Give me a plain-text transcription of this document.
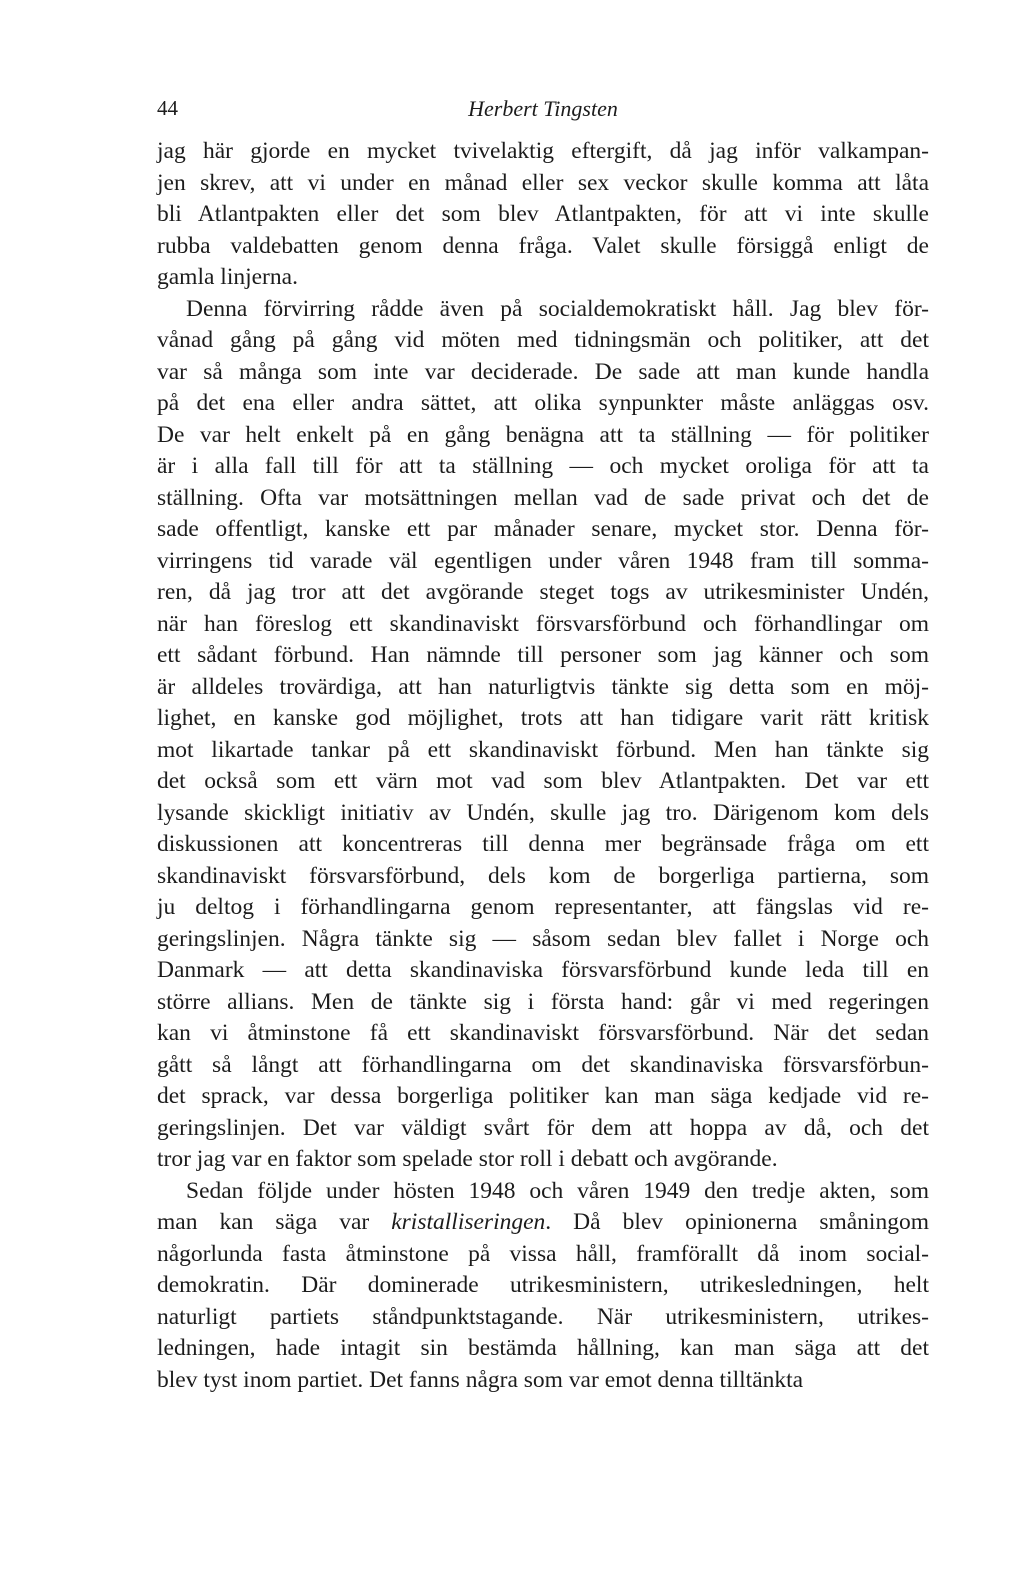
44	Herbert Tingsten

jag här gjorde en mycket tvivelaktig eftergift, då jag inför valkampan-
jen skrev, att vi under en månad eller sex veckor skulle komma att låta
bli Atlantpakten eller det som blev Atlantpakten, för att vi inte skulle
rubba valdebatten genom denna fråga. Valet skulle försiggå enligt de
gamla linjerna.

Denna förvirring rådde även på socialdemokratiskt håll. Jag blev för-
vånad gång på gång vid möten med tidningsmän och politiker, att det
var så många som inte var deciderade. De sade att man kunde handla
på det ena eller andra sättet, att olika synpunkter måste anläggas osv.
De var helt enkelt på en gång benägna att ta ställning — för politiker
är i alla fall till för att ta ställning — och mycket oroliga för att ta
ställning. Ofta var motsättningen mellan vad de sade privat och det de
sade offentligt, kanske ett par månader senare, mycket stor. Denna för-
virringens tid varade väl egentligen under våren 1948 fram till somma-
ren, då jag tror att det avgörande steget togs av utrikesminister Undén,
när han föreslog ett skandinaviskt försvarsförbund och förhandlingar om
ett sådant förbund. Han nämnde till personer som jag känner och som
är alldeles trovärdiga, att han naturligtvis tänkte sig detta som en möj-
lighet, en kanske god möjlighet, trots att han tidigare varit rätt kritisk
mot likartade tankar på ett skandinaviskt förbund. Men han tänkte sig
det också som ett värn mot vad som blev Atlantpakten. Det var ett
lysande skickligt initiativ av Undén, skulle jag tro. Därigenom kom dels
diskussionen att koncentreras till denna mer begränsade fråga om ett
skandinaviskt försvarsförbund, dels kom de borgerliga partierna, som
ju deltog i förhandlingarna genom representanter, att fängslas vid re-
geringslinjen. Några tänkte sig — såsom sedan blev fallet i Norge och
Danmark — att detta skandinaviska försvarsförbund kunde leda till en
större allians. Men de tänkte sig i första hand: går vi med regeringen
kan vi åtminstone få ett skandinaviskt försvarsförbund. När det sedan
gått så långt att förhandlingarna om det skandinaviska försvarsförbun-
det sprack, var dessa borgerliga politiker kan man säga kedjade vid re-
geringslinjen. Det var väldigt svårt för dem att hoppa av då, och det
tror jag var en faktor som spelade stor roll i debatt och avgörande.

Sedan följde under hösten 1948 och våren 1949 den tredje akten, som
man kan säga var kristalliseringen. Då blev opinionerna småningom
någorlunda fasta åtminstone på vissa håll, framförallt då inom social-
demokratin. Där dominerade utrikesministern, utrikesledningen, helt
naturligt partiets ståndpunktstagande. När utrikesministern, utrikes-
ledningen, hade intagit sin bestämda hållning, kan man säga att det
blev tyst inom partiet. Det fanns några som var emot denna tilltänkta
